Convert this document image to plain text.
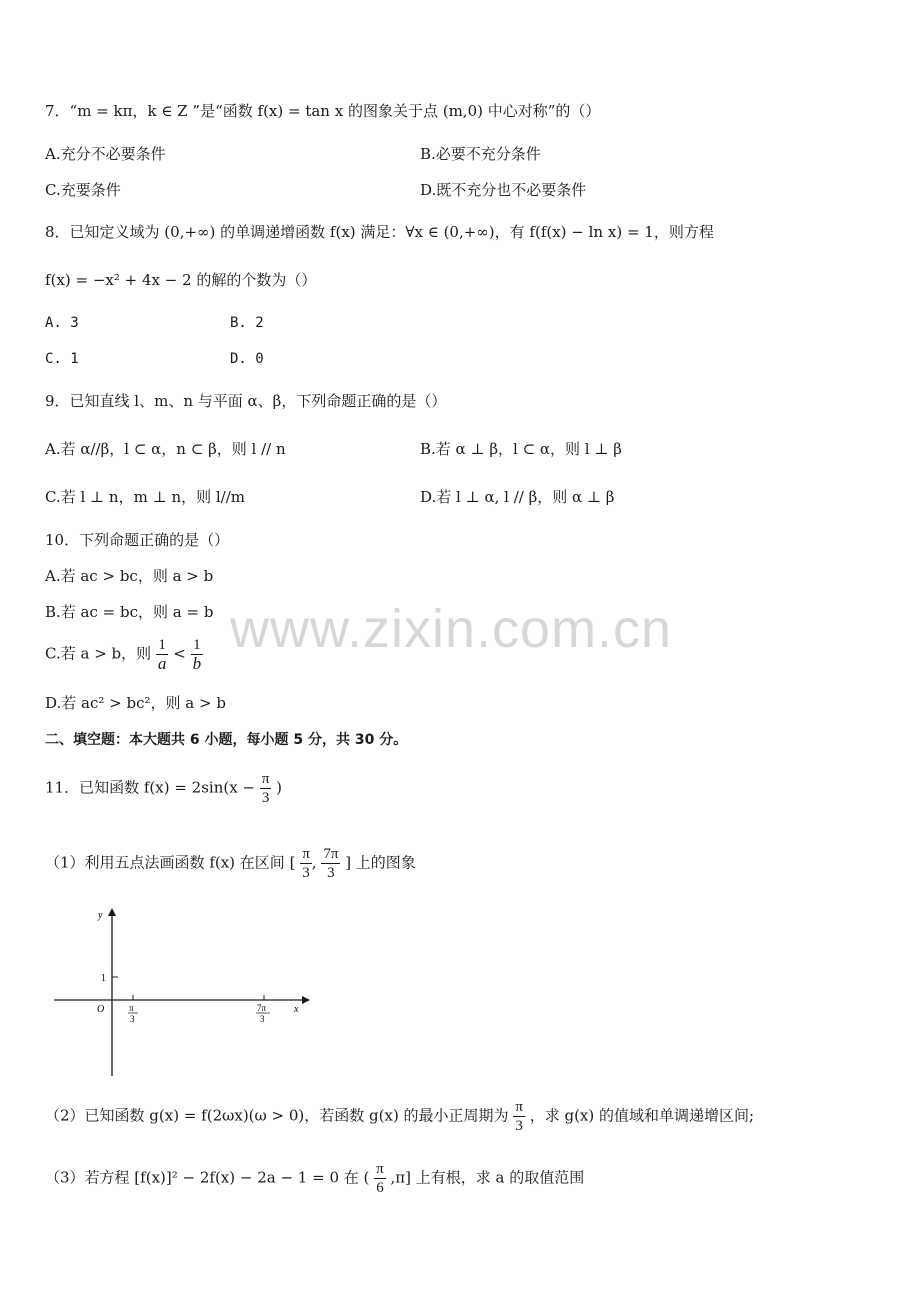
7．“m = kπ，k ∈ Z ”是“函数 f(x) = tan x 的图象关于点 (m,0) 中心对称”的（）
A.充分不必要条件	B.必要不充分条件
C.充要条件	D.既不充分也不必要条件
8．已知定义域为 (0,+∞) 的单调递增函数 f(x) 满足：∀x ∈ (0,+∞)，有 f(f(x) − ln x) = 1，则方程
f(x) = −x² + 4x − 2 的解的个数为（）
A. 3	B. 2
C. 1	D. 0
9．已知直线 l、m、n 与平面 α、β，下列命题正确的是（）
A.若 α//β，l ⊂ α，n ⊂ β，则 l // n	B.若 α ⊥ β，l ⊂ α，则 l ⊥ β
C.若 l ⊥ n，m ⊥ n，则 l//m	D.若 l ⊥ α, l // β，则 α ⊥ β
10．下列命题正确的是（）
A.若 ac > bc，则 a > b
B.若 ac = bc，则 a = b
C.若 a > b，则 $\frac{1}{a} < \frac{1}{b}$
D.若 ac² > bc²，则 a > b
二、填空题：本大题共 6 小题，每小题 5 分，共 30 分。
11．已知函数 $f(x) = 2\sin(x - \frac{\pi}{3}$ )
（1）利用五点法画函数 f(x) 在区间 [ $\frac{\pi}{3}$ , $\frac{7\pi}{3}$ ] 上的图象
y
x
O
1
π
3
7π
3
（2）已知函数 g(x) = f(2ωx)(ω > 0)，若函数 g(x) 的最小正周期为 $\frac{\pi}{3}$ ，求 g(x) 的值域和单调递增区间;
（3）若方程 [f(x)]² − 2f(x) − 2a − 1 = 0 在 ( $\frac{\pi}{6} ,\pi$] 上有根，求 a 的取值范围
www.zixin.com.cn
